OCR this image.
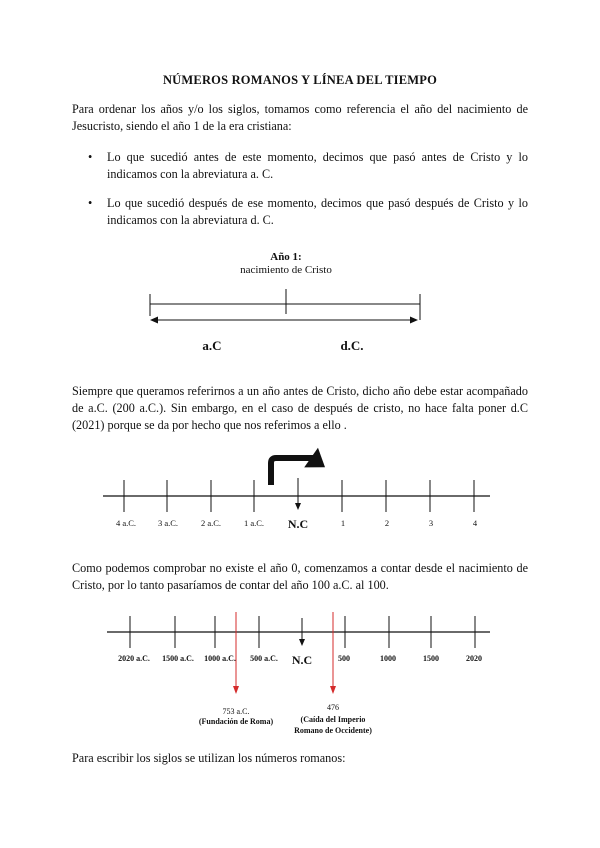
NÚMEROS ROMANOS Y LÍNEA DEL TIEMPO
Para ordenar los años y/o los siglos, tomamos como referencia el año del nacimiento de Jesucristo, siendo el año 1 de la era cristiana:
• Lo que sucedió antes de este momento, decimos que pasó antes de Cristo y lo indicamos con la abreviatura a. C.
• Lo que sucedió después de ese momento, decimos que pasó después de Cristo y lo indicamos con la abreviatura d. C.
Año 1:
nacimiento de Cristo
a.C	d.C.
Siempre que queramos referirnos a un año antes de Cristo, dicho año debe estar acompañado de a.C. (200 a.C.). Sin embargo, en el caso de después de cristo, no hace falta poner d.C (2021) porque se da por hecho que nos referimos a ello .
4 a.C.	3 a.C.	2 a.C.	1 a.C. N.C	1	2	3	4
Como podemos comprobar no existe el año 0, comenzamos a contar desde el nacimiento de Cristo, por lo tanto pasaríamos de contar del año 100 a.C. al 100.
2020 a.C. 1500 a.C. 1000 a.C. 500 a.C. N.C	500	1000	1500	2020
753 a.C.
(Fundación de Roma)
476
(Caída del Imperio
Romano de Occidente)
Para escribir los siglos se utilizan los números romanos:
